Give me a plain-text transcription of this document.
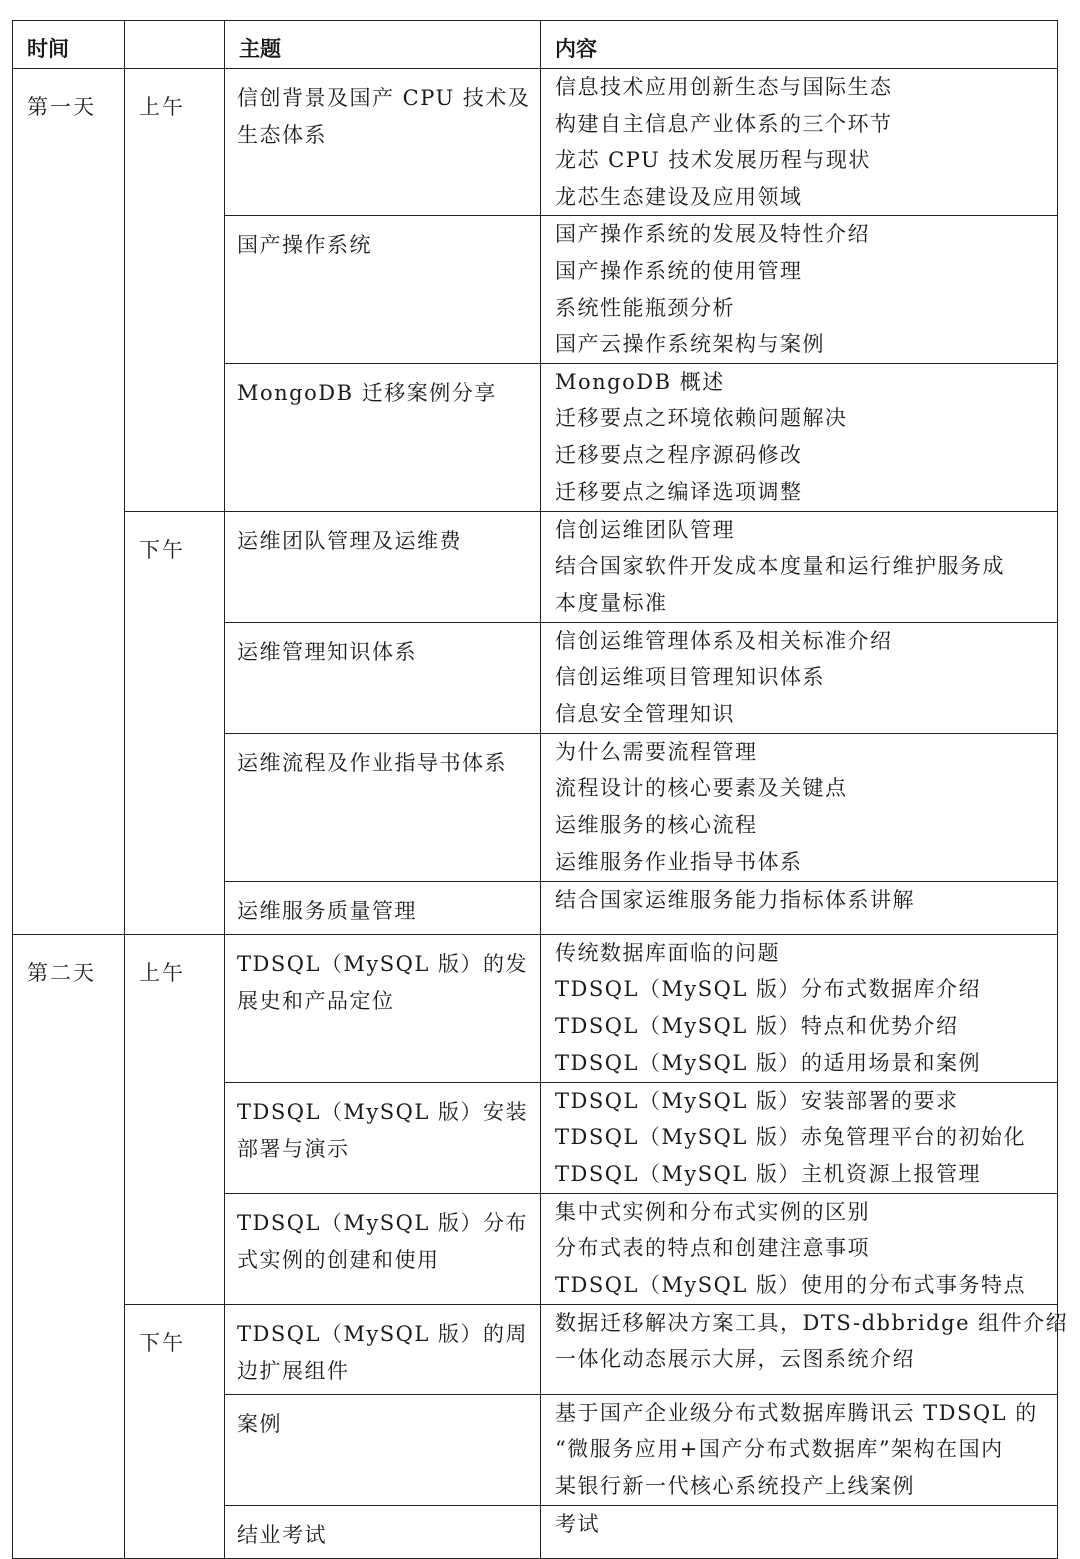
时间		主题	内容
第一天	上午	信创背景及国产 CPU 技术及生态体系	信息技术应用创新生态与国际生态
构建自主信息产业体系的三个环节
龙芯 CPU 技术发展历程与现状
龙芯生态建设及应用领域

		国产操作系统	国产操作系统的发展及特性介绍
国产操作系统的使用管理
系统性能瓶颈分析
国产云操作系统架构与案例

		MongoDB 迁移案例分享	MongoDB 概述
迁移要点之环境依赖问题解决
迁移要点之程序源码修改
迁移要点之编译选项调整

	下午	运维团队管理及运维费	信创运维团队管理
结合国家软件开发成本度量和运行维护服务成
本度量标准

		运维管理知识体系	信创运维管理体系及相关标准介绍
信创运维项目管理知识体系
信息安全管理知识

		运维流程及作业指导书体系	为什么需要流程管理
流程设计的核心要素及关键点
运维服务的核心流程
运维服务作业指导书体系

		运维服务质量管理	结合国家运维服务能力指标体系讲解

第二天	上午	TDSQL（MySQL 版）的发展史和产品定位	传统数据库面临的问题
TDSQL（MySQL 版）分布式数据库介绍
TDSQL（MySQL 版）特点和优势介绍
TDSQL（MySQL 版）的适用场景和案例

		TDSQL（MySQL 版）安装部署与演示	TDSQL（MySQL 版）安装部署的要求
TDSQL（MySQL 版）赤兔管理平台的初始化
TDSQL（MySQL 版）主机资源上报管理

		TDSQL（MySQL 版）分布式实例的创建和使用	集中式实例和分布式实例的区别
分布式表的特点和创建注意事项
TDSQL（MySQL 版）使用的分布式事务特点

	下午	TDSQL（MySQL 版）的周边扩展组件	数据迁移解决方案工具，DTS-dbbridge 组件介绍
一体化动态展示大屏，云图系统介绍

		案例	基于国产企业级分布式数据库腾讯云 TDSQL 的
“微服务应用+国产分布式数据库”架构在国内
某银行新一代核心系统投产上线案例

		结业考试	考试
